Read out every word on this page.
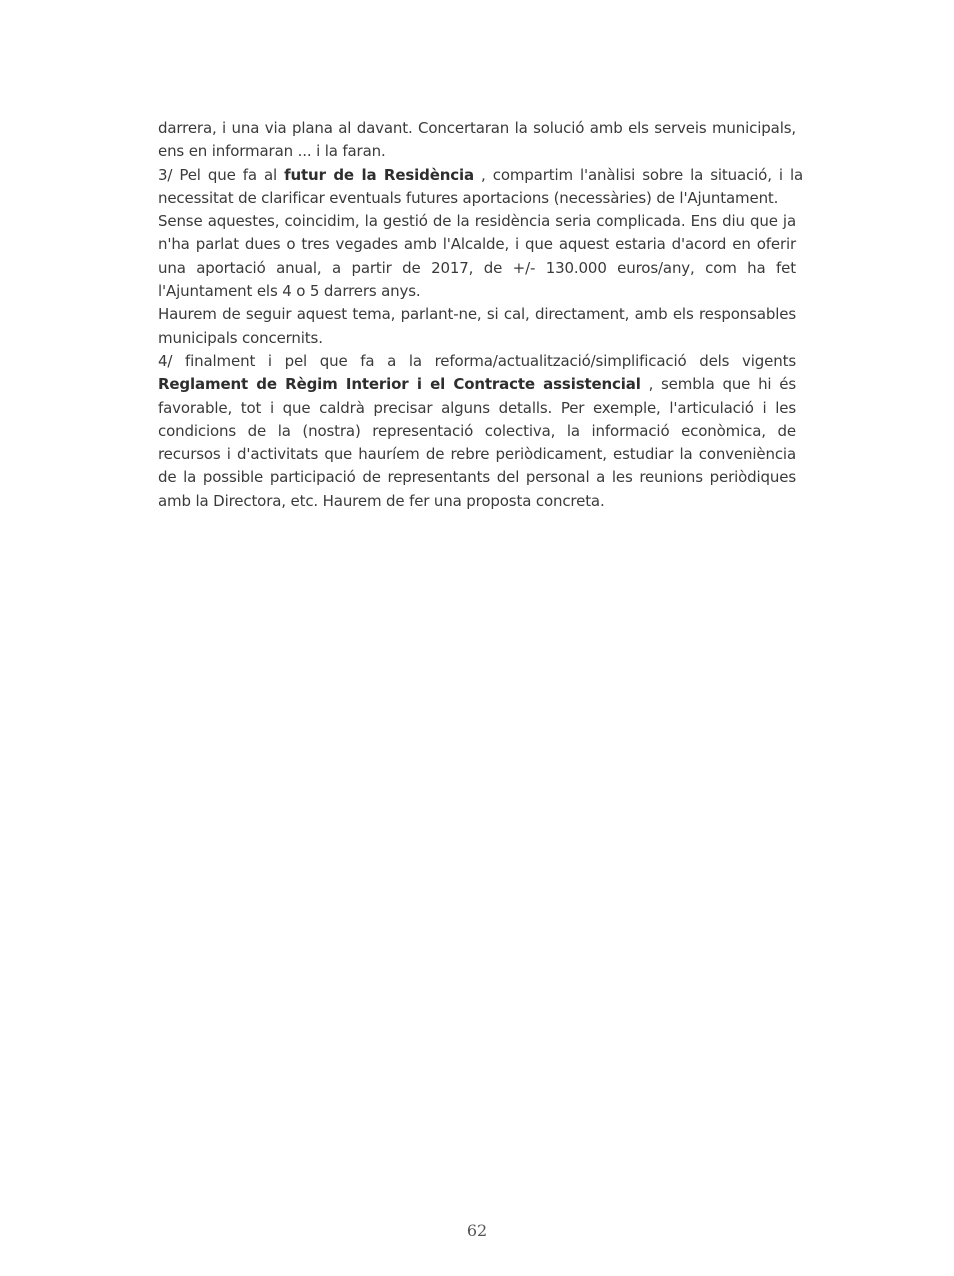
darrera, i una via plana al davant. Concertaran la solució amb els serveis municipals, ens en informaran ... i la faran.

3/ Pel que fa al futur de la Residència , compartim l'anàlisi sobre la situació, i la necessitat de clarificar eventuals futures aportacions (necessàries) de l'Ajuntament.

Sense aquestes, coincidim, la gestió de la residència seria complicada. Ens diu que ja n'ha parlat dues o tres vegades amb l'Alcalde, i que aquest estaria d'acord en oferir una aportació anual, a partir de 2017, de +/- 130.000 euros/any, com ha fet l'Ajuntament els 4 o 5 darrers anys.

Haurem de seguir aquest tema, parlant-ne, si cal, directament, amb els responsables municipals concernits.

4/ finalment i pel que fa a la reforma/actualització/simplificació dels vigents Reglament de Règim Interior i el Contracte assistencial , sembla que hi és favorable, tot i que caldrà precisar alguns detalls. Per exemple, l'articulació i les condicions de la (nostra) representació colectiva, la informació econòmica, de recursos i d'activitats que hauríem de rebre periòdicament, estudiar la conveniència de la possible participació de representants del personal a les reunions periòdiques amb la Directora, etc. Haurem de fer una proposta concreta.

62
